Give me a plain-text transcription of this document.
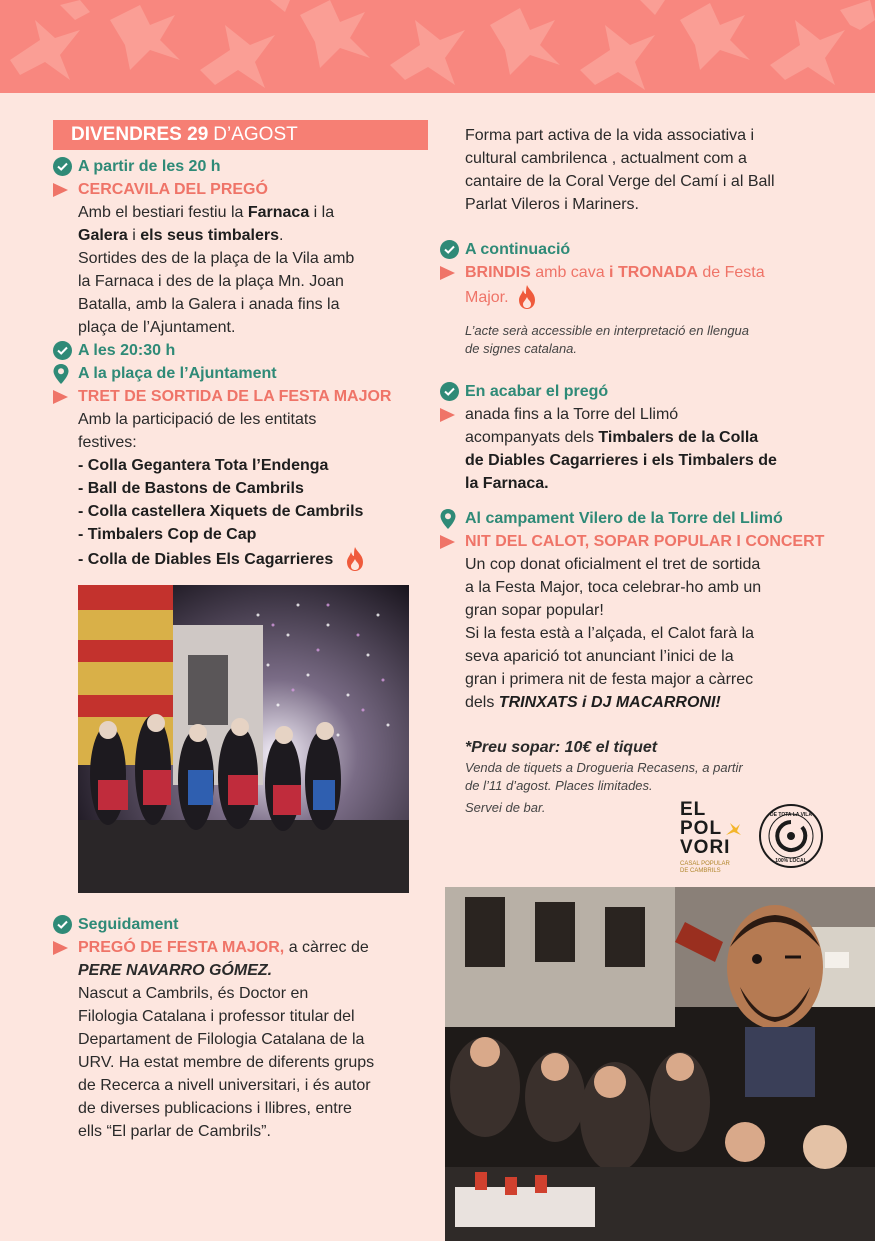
DIVENDRES 29 D’AGOST
A partir de les 20 h
CERCAVILA DEL PREGÓ
Amb el bestiari festiu la Farnaca i la
Galera i els seus timbalers.
Sortides des de la plaça de la Vila amb
la Farnaca i des de la plaça Mn. Joan
Batalla, amb la Galera i anada fins la
plaça de l’Ajuntament.
A les 20:30 h
A la plaça de l’Ajuntament
TRET DE SORTIDA DE LA FESTA MAJOR
Amb la participació de les entitats
festives:
- Colla Gegantera Tota l’Endenga
- Ball de Bastons de Cambrils
- Colla castellera Xiquets de Cambrils
- Timbalers Cop de Cap
- Colla de Diables Els Cagarrieres
Seguidament
PREGÓ DE FESTA MAJOR, a càrrec de
PERE NAVARRO GÓMEZ.
Nascut a Cambrils, és Doctor en
Filologia Catalana i professor titular del
Departament de Filologia Catalana de la
URV. Ha estat membre de diferents grups
de Recerca a nivell universitari, i és autor
de diverses publicacions i llibres, entre
ells “El parlar de Cambrils”.
Forma part activa de la vida associativa i
cultural cambrilenca , actualment com a
cantaire de la Coral Verge del Camí i al Ball
Parlat Vileros i Mariners.
A continuació
BRINDIS amb cava i TRONADA de Festa
Major.
L’acte serà accessible en interpretació en llengua
de signes catalana.
En acabar el pregó
anada fins a la Torre del Llimó
acompanyats dels Timbalers de la Colla
de Diables Cagarrieres i els Timbalers de
la Farnaca.
Al campament Vilero de la Torre del Llimó
NIT DEL CALOT, SOPAR POPULAR I CONCERT
Un cop donat oficialment el tret de sortida
a la Festa Major, toca celebrar-ho amb un
gran sopar popular!
Si la festa està a l’alçada, el Calot farà la
seva aparició tot anunciant l’inici de la
gran i primera nit de festa major a càrrec
dels TRINXATS i DJ MACARRONI!
*Preu sopar: 10€ el tiquet
Venda de tiquets a Drogueria Recasens, a partir
de l’11 d’agost. Places limitades.
Servei de bar.	EL
POL
VORI
CASAL POPULAR
DE CAMBRILS
DE TOTA LA VILA
100% LOCAL
